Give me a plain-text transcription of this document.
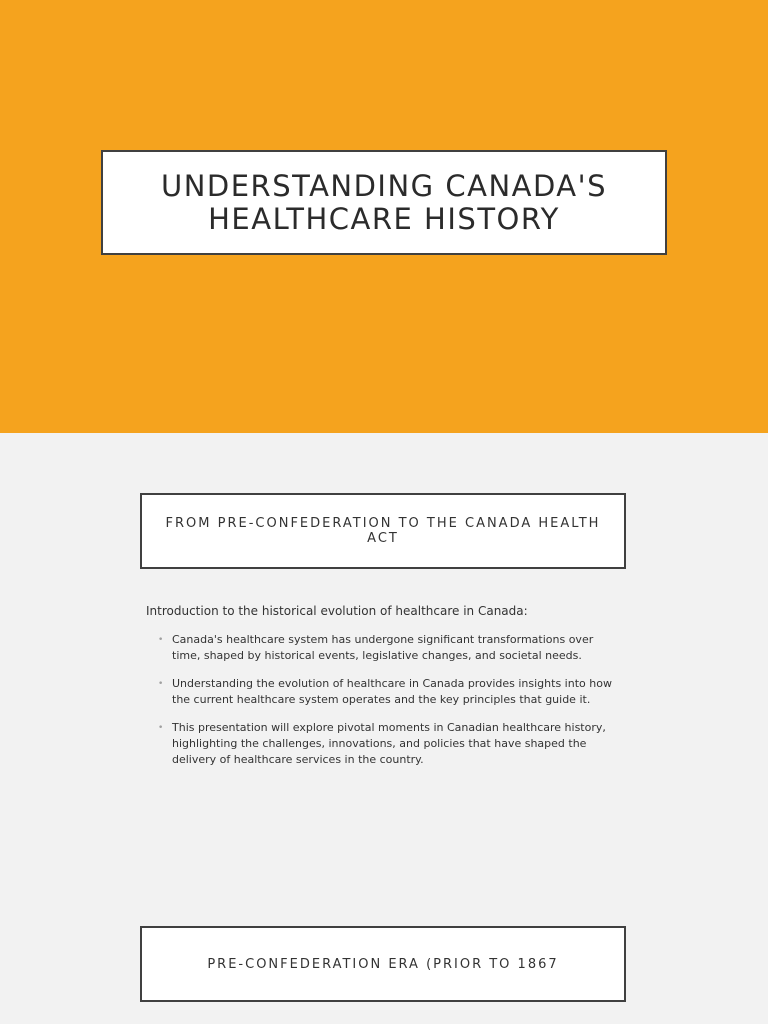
UNDERSTANDING CANADA'S HEALTHCARE HISTORY
FROM PRE-CONFEDERATION TO THE CANADA HEALTH ACT
Introduction to the historical evolution of healthcare in Canada:
• Canada's healthcare system has undergone significant transformations over time, shaped by historical events, legislative changes, and societal needs.
• Understanding the evolution of healthcare in Canada provides insights into how the current healthcare system operates and the key principles that guide it.
• This presentation will explore pivotal moments in Canadian healthcare history, highlighting the challenges, innovations, and policies that have shaped the delivery of healthcare services in the country.
PRE-CONFEDERATION ERA (PRIOR TO 1867
